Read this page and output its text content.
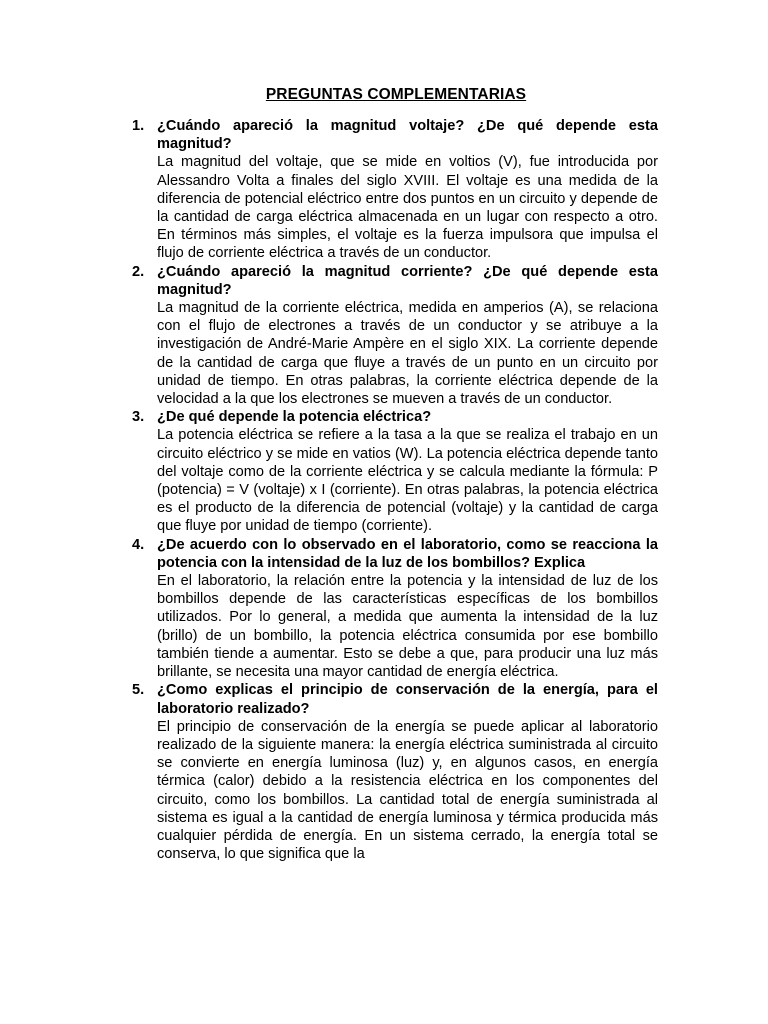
PREGUNTAS COMPLEMENTARIAS
1. ¿Cuándo apareció la magnitud voltaje? ¿De qué depende esta magnitud?
La magnitud del voltaje, que se mide en voltios (V), fue introducida por Alessandro Volta a finales del siglo XVIII. El voltaje es una medida de la diferencia de potencial eléctrico entre dos puntos en un circuito y depende de la cantidad de carga eléctrica almacenada en un lugar con respecto a otro. En términos más simples, el voltaje es la fuerza impulsora que impulsa el flujo de corriente eléctrica a través de un conductor.
2. ¿Cuándo apareció la magnitud corriente? ¿De qué depende esta magnitud?
La magnitud de la corriente eléctrica, medida en amperios (A), se relaciona con el flujo de electrones a través de un conductor y se atribuye a la investigación de André-Marie Ampère en el siglo XIX. La corriente depende de la cantidad de carga que fluye a través de un punto en un circuito por unidad de tiempo. En otras palabras, la corriente eléctrica depende de la velocidad a la que los electrones se mueven a través de un conductor.
3. ¿De qué depende la potencia eléctrica?
La potencia eléctrica se refiere a la tasa a la que se realiza el trabajo en un circuito eléctrico y se mide en vatios (W). La potencia eléctrica depende tanto del voltaje como de la corriente eléctrica y se calcula mediante la fórmula: P (potencia) = V (voltaje) x I (corriente). En otras palabras, la potencia eléctrica es el producto de la diferencia de potencial (voltaje) y la cantidad de carga que fluye por unidad de tiempo (corriente).
4. ¿De acuerdo con lo observado en el laboratorio, como se reacciona la potencia con la intensidad de la luz de los bombillos? Explica
En el laboratorio, la relación entre la potencia y la intensidad de luz de los bombillos depende de las características específicas de los bombillos utilizados. Por lo general, a medida que aumenta la intensidad de la luz (brillo) de un bombillo, la potencia eléctrica consumida por ese bombillo también tiende a aumentar. Esto se debe a que, para producir una luz más brillante, se necesita una mayor cantidad de energía eléctrica.
5. ¿Como explicas el principio de conservación de la energía, para el laboratorio realizado?
El principio de conservación de la energía se puede aplicar al laboratorio realizado de la siguiente manera: la energía eléctrica suministrada al circuito se convierte en energía luminosa (luz) y, en algunos casos, en energía térmica (calor) debido a la resistencia eléctrica en los componentes del circuito, como los bombillos. La cantidad total de energía suministrada al sistema es igual a la cantidad de energía luminosa y térmica producida más cualquier pérdida de energía. En un sistema cerrado, la energía total se conserva, lo que significa que la
